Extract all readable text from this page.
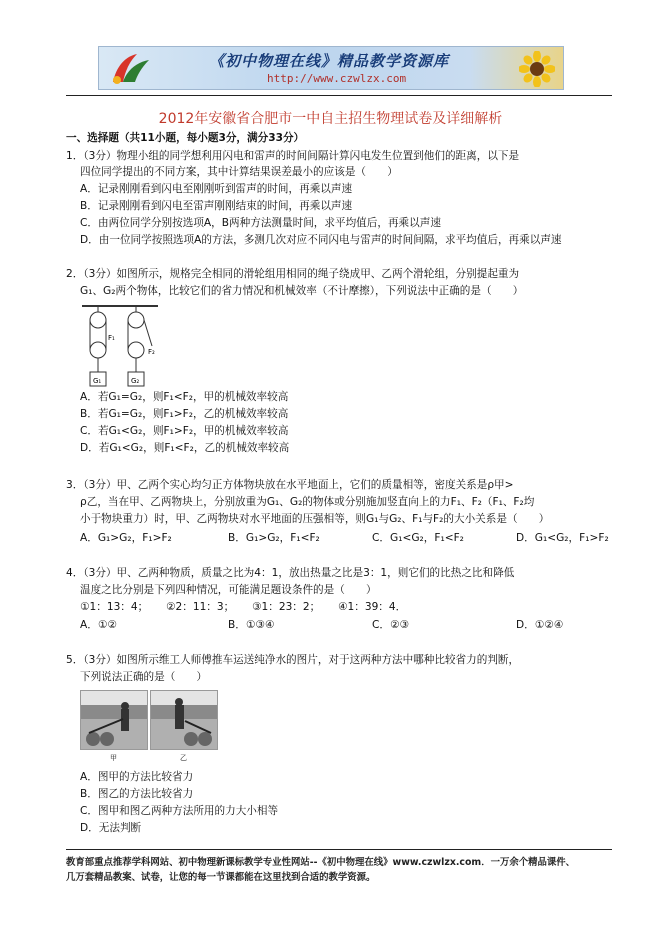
《初中物理在线》精品教学资源库
http://www.czwlzx.com
2012年安徽省合肥市一中自主招生物理试卷及详细解析
一、选择题（共11小题，每小题3分，满分33分）
1．（3分）物理小组的同学想利用闪电和雷声的时间间隔计算闪电发生位置到他们的距离，以下是
四位同学提出的不同方案，其中计算结果误差最小的应该是（　　）
A．记录刚刚看到闪电至刚刚听到雷声的时间，再乘以声速
B．记录刚刚看到闪电至雷声刚刚结束的时间，再乘以声速
C．由两位同学分别按选项A，B两种方法测量时间，求平均值后，再乘以声速
D．由一位同学按照选项A的方法，多测几次对应不同闪电与雷声的时间间隔，求平均值后，再乘以声速
2．（3分）如图所示，规格完全相同的滑轮组用相同的绳子绕成甲、乙两个滑轮组，分别提起重为
G₁、G₂两个物体，比较它们的省力情况和机械效率（不计摩擦），下列说法中正确的是（　　）
F₁
F₂
G₁	G₂
A．若G₁=G₂，则F₁<F₂，甲的机械效率较高
B．若G₁=G₂，则F₁>F₂，乙的机械效率较高
C．若G₁<G₂，则F₁>F₂，甲的机械效率较高
D．若G₁<G₂，则F₁<F₂，乙的机械效率较高
3．（3分）甲、乙两个实心均匀正方体物块放在水平地面上，它们的质量相等，密度关系是ρ甲>
ρ乙，当在甲、乙两物块上，分别放重为G₁、G₂的物体或分别施加竖直向上的力F₁、F₂（F₁、F₂均
小于物块重力）时，甲、乙两物块对水平地面的压强相等，则G₁与G₂、F₁与F₂的大小关系是（　　）
A．G₁>G₂，F₁>F₂	B．G₁>G₂，F₁<F₂	C．G₁<G₂，F₁<F₂	D．G₁<G₂，F₁>F₂
4．（3分）甲、乙两种物质，质量之比为4：1，放出热量之比是3：1，则它们的比热之比和降低
温度之比分别是下列四种情况，可能满足题设条件的是（　　）
①1：13：4； ②2：11：3； ③1：23：2； ④1：39：4．
A．①②	B．①③④	C．②③	D．①②④
5．（3分）如图所示维工人师傅推车运送纯净水的图片，对于这两种方法中哪种比较省力的判断，
下列说法正确的是（　　）
甲	乙
A．图甲的方法比较省力
B．图乙的方法比较省力
C．图甲和图乙两种方法所用的力大小相等
D．无法判断
教育部重点推荐学科网站、初中物理新课标教学专业性网站--《初中物理在线》www.czwlzx.com．一万余个精品课件、
几万套精品教案、试卷，让您的每一节课都能在这里找到合适的教学资源。
